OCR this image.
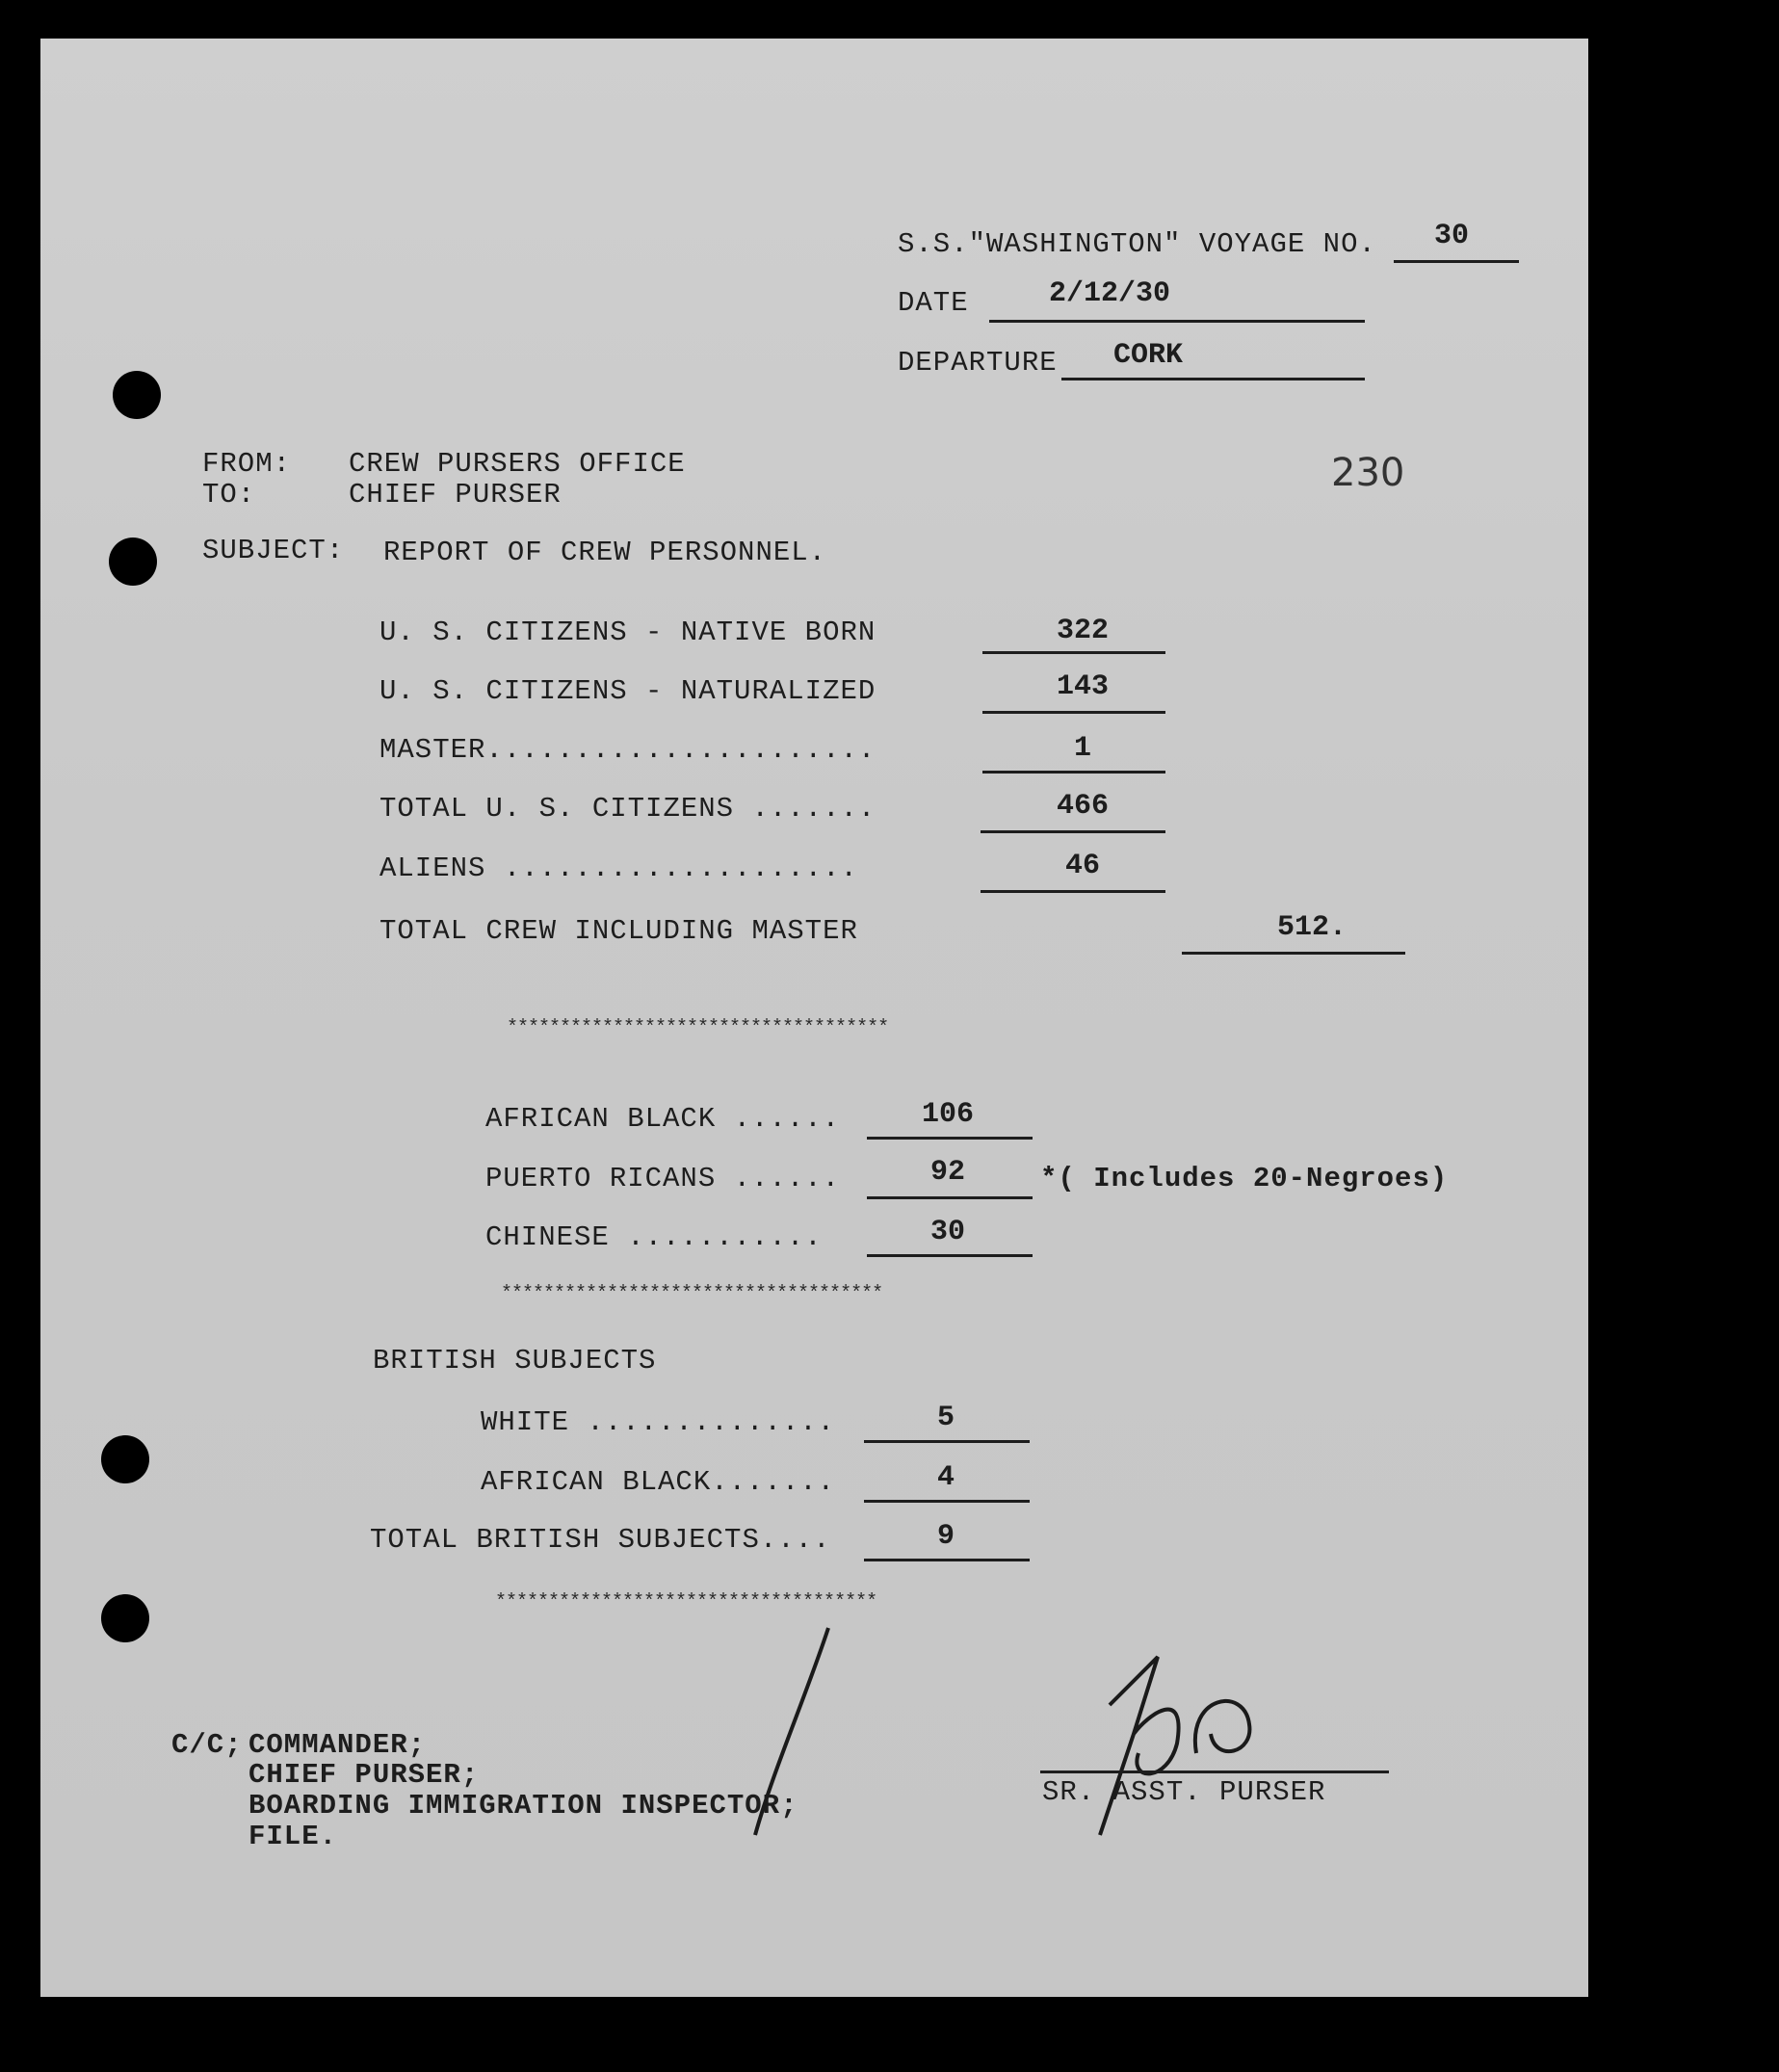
S.S."WASHINGTON" VOYAGE NO.	30
DATE	2/12/30
DEPARTURE	CORK
230
FROM: CREW PURSERS OFFICE
TO:	CHIEF PURSER
SUBJECT: REPORT OF CREW PERSONNEL.
U. S. CITIZENS - NATIVE BORN	322
U. S. CITIZENS - NATURALIZED	143
MASTER......................	1
TOTAL U. S. CITIZENS .......	466
ALIENS ....................	46
TOTAL CREW INCLUDING MASTER	512.
************************************
AFRICAN BLACK ......	106
PUERTO RICANS ......	92	*( Includes 20-Negroes)
CHINESE ...........	30
************************************
BRITISH SUBJECTS
WHITE ..............	5
AFRICAN BLACK.......	4
TOTAL BRITISH SUBJECTS....	9
************************************
C/C; COMMANDER;
CHIEF PURSER;
BOARDING IMMIGRATION INSPECTOR;
FILE.
SR. ASST. PURSER
